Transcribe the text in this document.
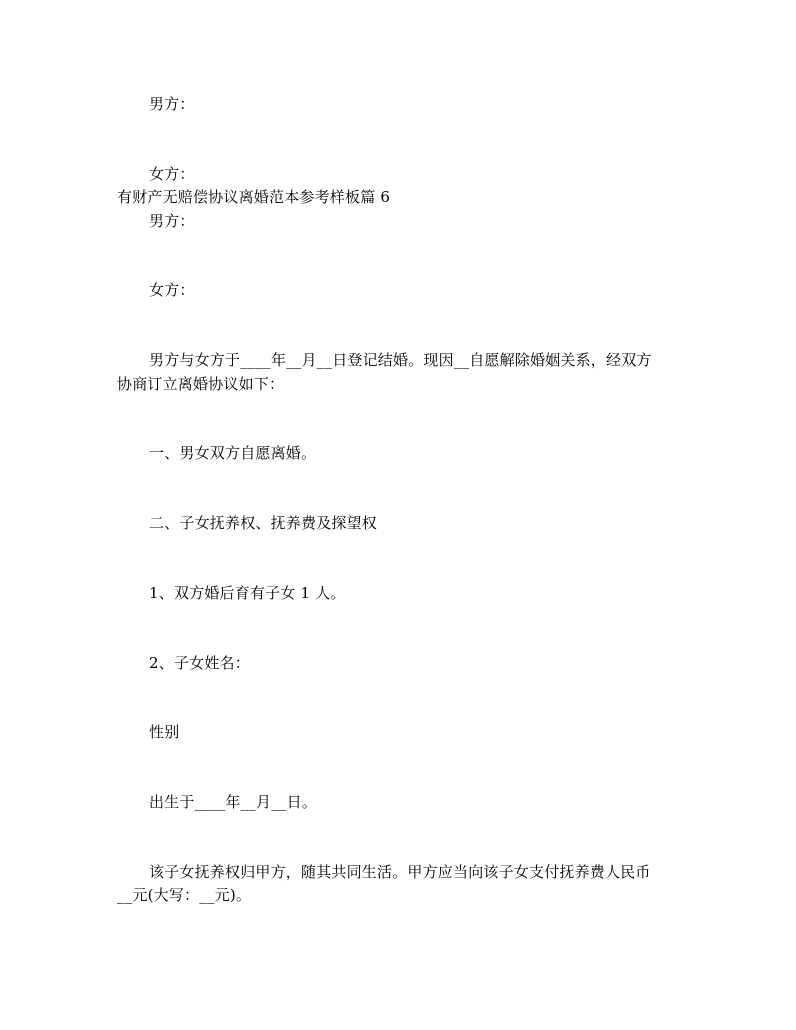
男方：
女方：
有财产无赔偿协议离婚范本参考样板篇 6
男方：
女方：
男方与女方于____年__月__日登记结婚。现因__自愿解除婚姻关系，经双方
协商订立离婚协议如下：
一、男女双方自愿离婚。
二、子女抚养权、抚养费及探望权
1、双方婚后育有子女 1 人。
2、子女姓名：
性别
出生于____年__月__日。
该子女抚养权归甲方，随其共同生活。甲方应当向该子女支付抚养费人民币
__元(大写：__元)。
